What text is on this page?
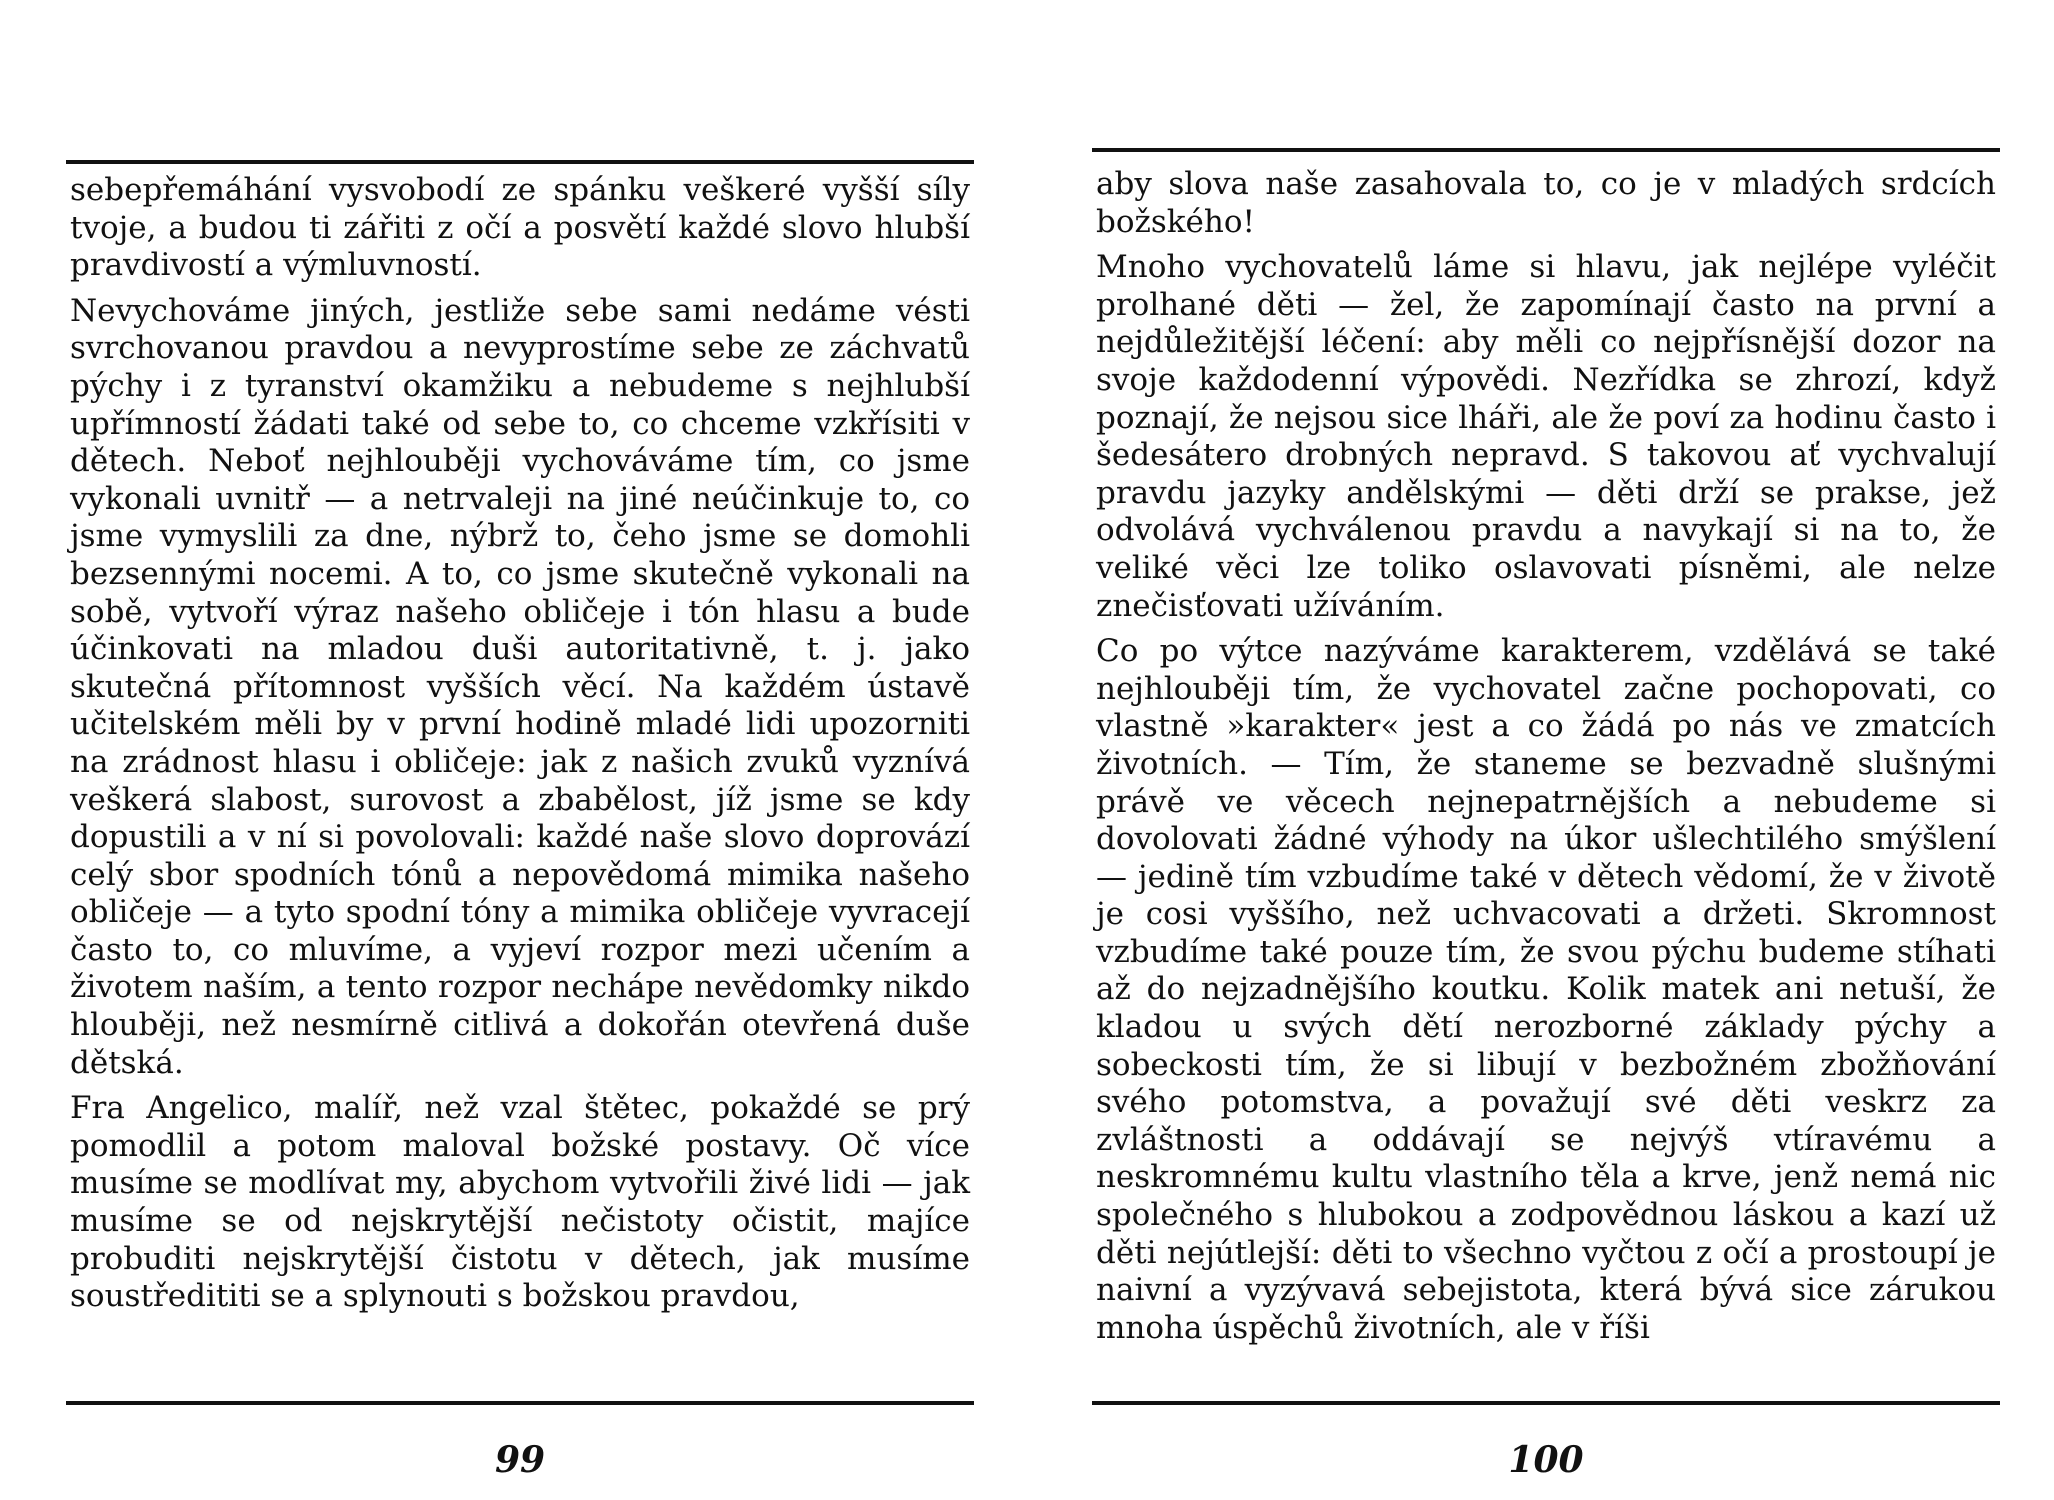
sebepřemáhání vysvobodí ze spánku veškeré vyšší síly tvoje, a budou ti zářiti z očí a posvětí každé slovo hlubší pravdivostí a výmluvností.

Nevychováme jiných, jestliže sebe sami nedáme vésti svrchovanou pravdou a nevyprostíme sebe ze záchvatů pýchy i z tyranství okamžiku a nebudeme s nejhlubší upřímností žádati také od sebe to, co chceme vzkřísiti v dětech. Neboť nejhlouběji vychováváme tím, co jsme vykonali uvnitř — a netrvaleji na jiné neúčinkuje to, co jsme vymyslili za dne, nýbrž to, čeho jsme se domohli bezsennými nocemi. A to, co jsme skutečně vykonali na sobě, vytvoří výraz našeho obličeje i tón hlasu a bude účinkovati na mladou duši autoritativně, t. j. jako skutečná přítomnost vyšších věcí. Na každém ústavě učitelském měli by v první hodině mladé lidi upozorniti na zrádnost hlasu i obličeje: jak z našich zvuků vyznívá veškerá slabost, surovost a zbabělost, jíž jsme se kdy dopustili a v ní si povolovali: každé naše slovo doprovází celý sbor spodních tónů a nepovědomá mimika našeho obličeje — a tyto spodní tóny a mimika obličeje vyvracejí často to, co mluvíme, a vyjeví rozpor mezi učením a životem naším, a tento rozpor nechápe nevědomky nikdo hlouběji, než nesmírně citlivá a dokořán otevřená duše dětská.

Fra Angelico, malíř, než vzal štětec, pokaždé se prý pomodlil a potom maloval božské postavy. Oč více musíme se modlívat my, abychom vytvořili živé lidi — jak musíme se od nejskrytější nečistoty očistit, majíce probuditi nejskrytější čistotu v dětech, jak musíme soustředititi se a splynouti s božskou pravdou,

99

aby slova naše zasahovala to, co je v mladých srdcích božského!

Mnoho vychovatelů láme si hlavu, jak nejlépe vyléčit prolhané děti — žel, že zapomínají často na první a nejdůležitější léčení: aby měli co nejpřísnější dozor na svoje každodenní výpovědi. Nezřídka se zhrozí, když poznají, že nejsou sice lháři, ale že poví za hodinu často i šedesátero drobných nepravd. S takovou ať vychvalují pravdu jazyky andělskými — děti drží se prakse, jež odvolává vychválenou pravdu a navykají si na to, že veliké věci lze toliko oslavovati písněmi, ale nelze znečisťovati užíváním.

Co po výtce nazýváme karakterem, vzdělává se také nejhlouběji tím, že vychovatel začne pochopovati, co vlastně »karakter« jest a co žádá po nás ve zmatcích životních. — Tím, že staneme se bezvadně slušnými právě ve věcech nejnepatrnějších a nebudeme si dovolovati žádné výhody na úkor ušlechtilého smýšlení — jedině tím vzbudíme také v dětech vědomí, že v životě je cosi vyššího, než uchvacovati a držeti. Skromnost vzbudíme také pouze tím, že svou pýchu budeme stíhati až do nejzadnějšího koutku. Kolik matek ani netuší, že kladou u svých dětí nerozborné základy pýchy a sobeckosti tím, že si libují v bezbožném zbožňování svého potomstva, a považují své děti veskrz za zvláštnosti a oddávají se nejvýš vtíravému a neskromnému kultu vlastního těla a krve, jenž nemá nic společného s hlubokou a zodpovědnou láskou a kazí už děti nejútlejší: děti to všechno vyčtou z očí a prostoupí je naivní a vyzývavá sebejistota, která bývá sice zárukou mnoha úspěchů životních, ale v říši

100
